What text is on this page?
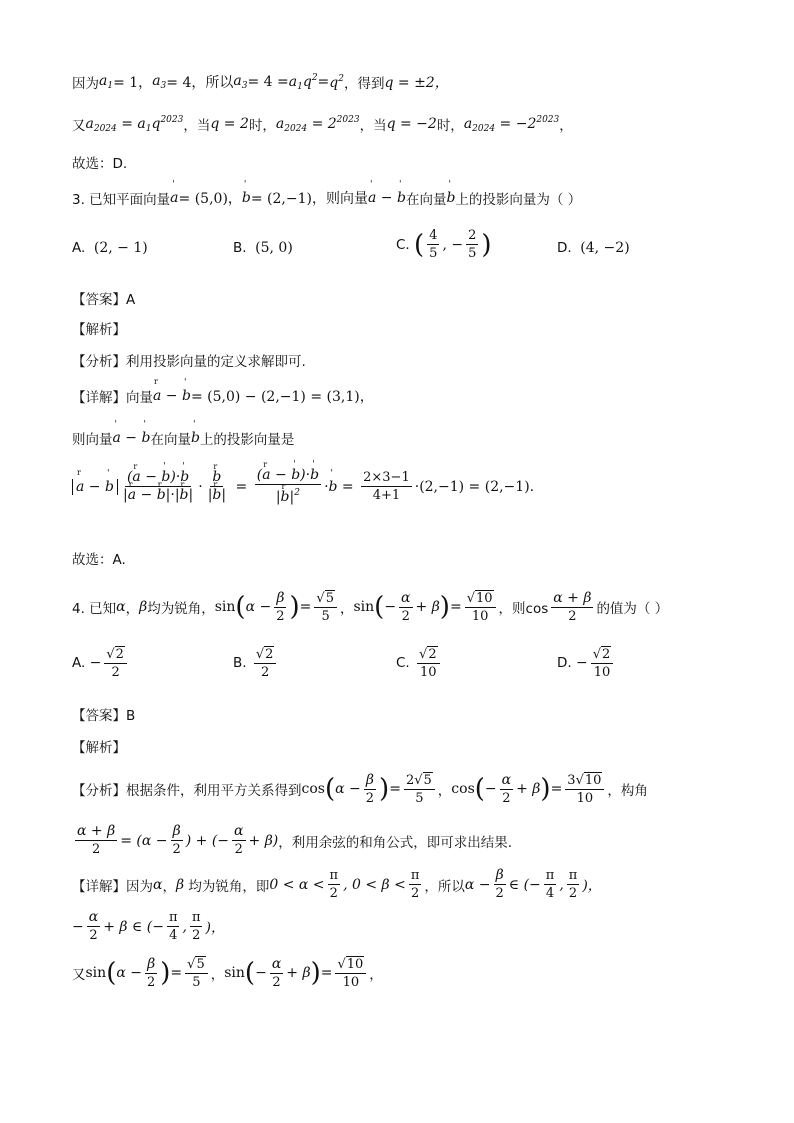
因为 $a_1 = 1$， $a_3 = 4$，所以 $a_3 = 4 = a_1q^2 = q^2$ ，得到 q = ±2，
又 $a_{2024} = a_1q^{2023}$ ，当 q = 2 时， $a_{2024} = 2^{2023}$ ，当 q = −2 时， $a_{2024} = -2^{2023}$ ，
故选：D.
3. 已知平面向量
' a = (5,0)，
' b = (2,−1)，则向量
' a − ' b 在向量
' b 上的投影向量为（ ）
A.
(2, − 1)	B.
(5, 0)	C.
( $\frac{4}{5}$ , − $\frac{2}{5}$ )	D.
(4, −2)
【答案】A
【解析】
【分析】利用投影向量的定义求解即可.
【详解】向量
r a − ' b = (5,0) − (2,−1) = (3,1)，
则向量
' a − ' b 在向量
' b 上的投影向量是
r a − ' b $\frac{\text{(r a − ' b)·' b}}{\text{|r a − r b|·|r b|}}$ ·
r $\frac{b}{\text{|r b|}} = \frac{\text{(r a − ' b)·' b}}{|r b|^2}$ ·' $b = \frac{2\times 3-1}{4+1} \cdot (2,-1) = (2,-1)$.
故选：A.
4. 已知 α ， β 均为锐角， sin ( $\alpha - \frac{\beta}{2}$ ) = $\frac{√ 5}{5}$ ， sin ( − $\frac{\alpha}{2} + \beta$ ) = $\frac{√ 10}{10}$ ，则$\cos \frac{\alpha + \beta}{2}$ 的值为（ ）
A.
− $\frac{√ 2}{2}$	B.
$\frac{√ 2}{2}$	C.
$\frac{√ 2}{10}$	D.
− $\frac{√ 2}{10}$
【答案】B
【解析】
【分析】根据条件，利用平方关系得到 cos ( $\alpha - \frac{\beta}{2}$ ) = $\frac{2√ 5}{5}$ ， cos ( − $\frac{\alpha}{2} + \beta$ ) = $\frac{3√ 10}{10}$ ，构角
$\frac{\alpha + \beta}{2} = (\alpha - \frac{\beta}{2}$ ) + (− $\frac{\alpha}{2} + \beta$) ，利用余弦的和角公式，即可求出结果.
【详解】因为 α ， β
均为锐角，即 $0 < \alpha < \frac{\pi}{2}$ , $0 < \beta < \frac{\pi}{2}$ ，所以 $\alpha - \frac{\beta}{2}$ ∈ (− $\frac{\pi}{4}$ , $\frac{\pi}{2}$ )，
− $\frac{\alpha}{2} + \beta$ ∈ (− $\frac{\pi}{4}$ , $\frac{\pi}{2}$ )，
又 sin ( $\alpha - \frac{\beta}{2}$ ) = $\frac{√ 5}{5}$ ， sin ( − $\frac{\alpha}{2} + \beta$ ) = $\frac{√ 10}{10}$ ，
